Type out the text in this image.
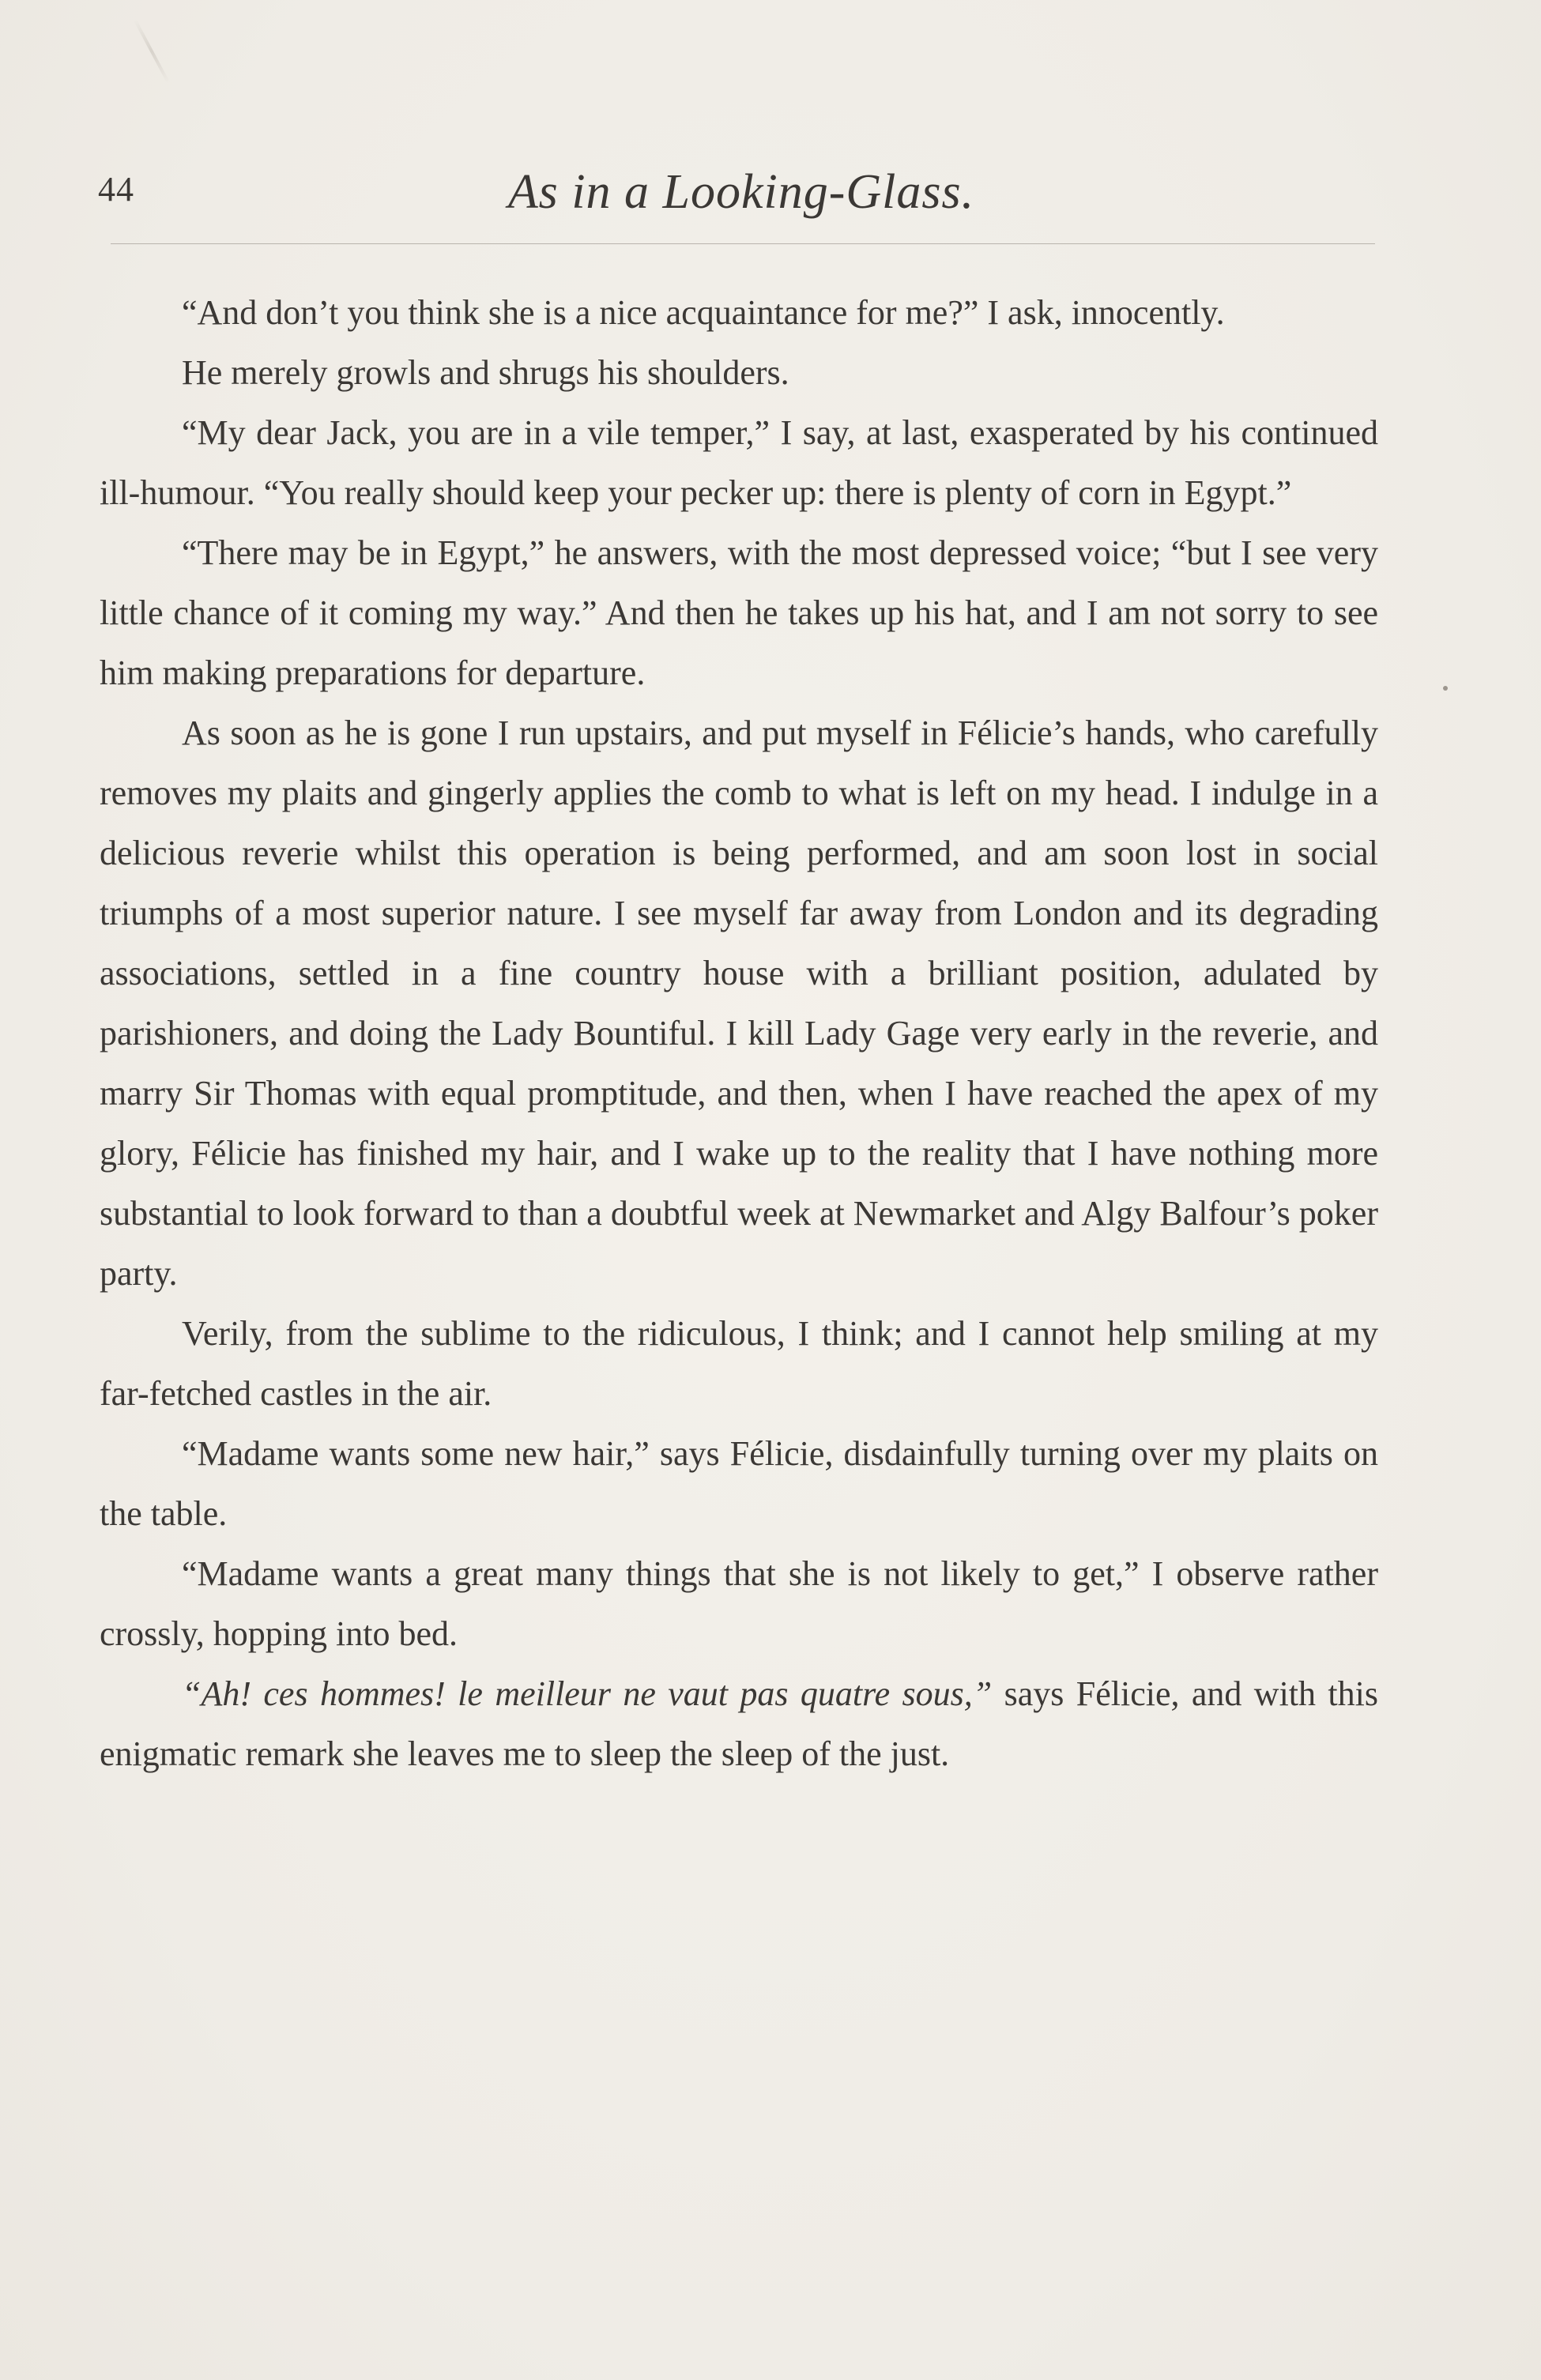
44	As in a Looking-Glass.

“And don’t you think she is a nice acquaintance for me?” I ask, innocently.

He merely growls and shrugs his shoulders.

“My dear Jack, you are in a vile temper,” I say, at last, exasperated by his continued ill-humour. “You really should keep your pecker up: there is plenty of corn in Egypt.”

“There may be in Egypt,” he answers, with the most depressed voice; “but I see very little chance of it coming my way.” And then he takes up his hat, and I am not sorry to see him making preparations for departure.

As soon as he is gone I run upstairs, and put myself in Félicie’s hands, who carefully removes my plaits and gingerly applies the comb to what is left on my head. I indulge in a delicious reverie whilst this operation is being performed, and am soon lost in social triumphs of a most superior nature. I see myself far away from London and its degrading associations, settled in a fine country house with a brilliant position, adulated by parishioners, and doing the Lady Bountiful. I kill Lady Gage very early in the reverie, and marry Sir Thomas with equal promptitude, and then, when I have reached the apex of my glory, Félicie has finished my hair, and I wake up to the reality that I have nothing more substantial to look forward to than a doubtful week at Newmarket and Algy Balfour’s poker party.

Verily, from the sublime to the ridiculous, I think; and I cannot help smiling at my far-fetched castles in the air.

“Madame wants some new hair,” says Félicie, disdainfully turning over my plaits on the table.

“Madame wants a great many things that she is not likely to get,” I observe rather crossly, hopping into bed.

“Ah! ces hommes! le meilleur ne vaut pas quatre sous,” says Félicie, and with this enigmatic remark she leaves me to sleep the sleep of the just.
